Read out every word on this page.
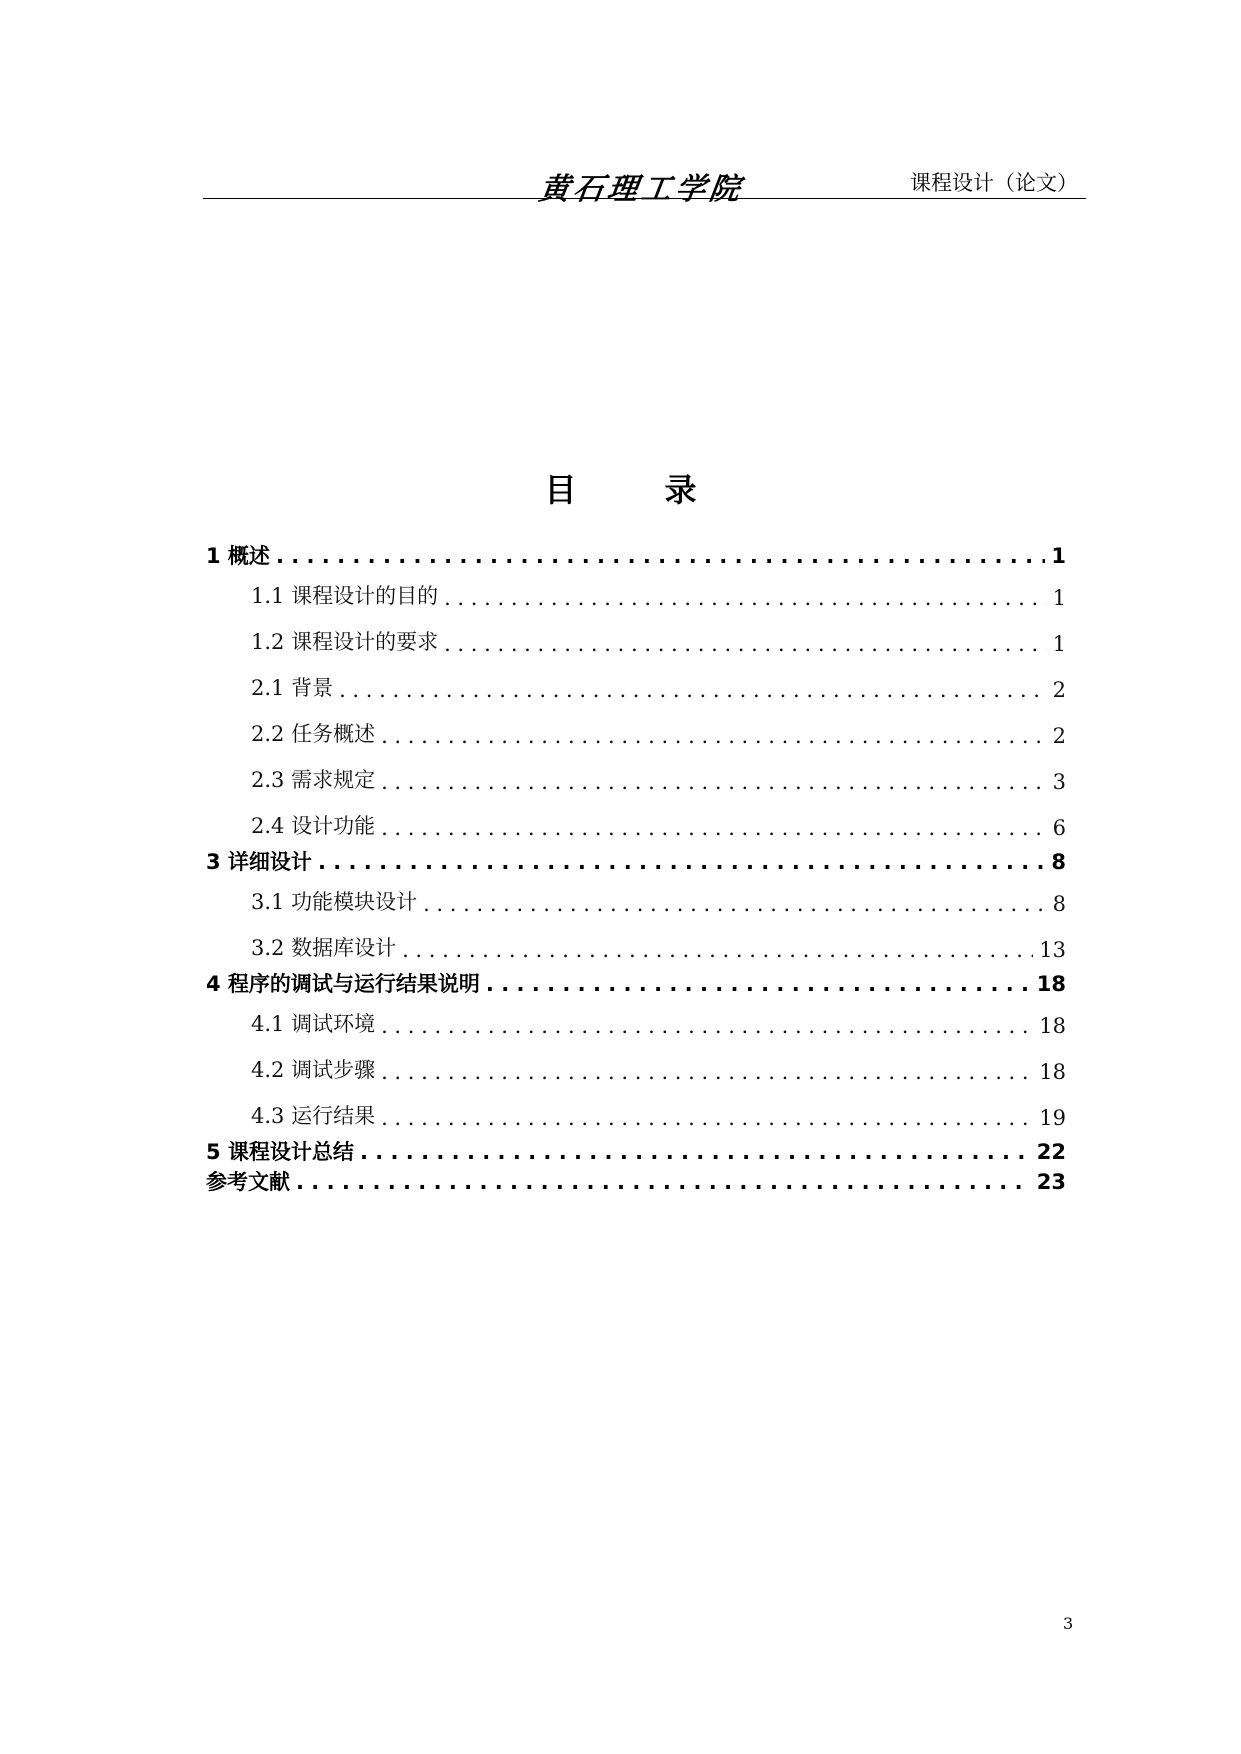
黄石理工学院	课程设计（论文）
目　录
1 概述 . . .	1
1.1 课程设计的目的 . . .	1
1.2 课程设计的要求 . . .	1
2.1 背景 . . .	2
2.2 任务概述 . . .	2
2.3 需求规定 . . .	3
2.4 设计功能 . . .	6
3 详细设计 . . .	8
3.1 功能模块设计 . . .	8
3.2 数据库设计 . . .	13
4 程序的调试与运行结果说明 . . .	18
4.1 调试环境 . . .	18
4.2 调试步骤 . . .	18
4.3 运行结果 . . .	19
5 课程设计总结 . . .	22
参考文献 . . .	23
3
